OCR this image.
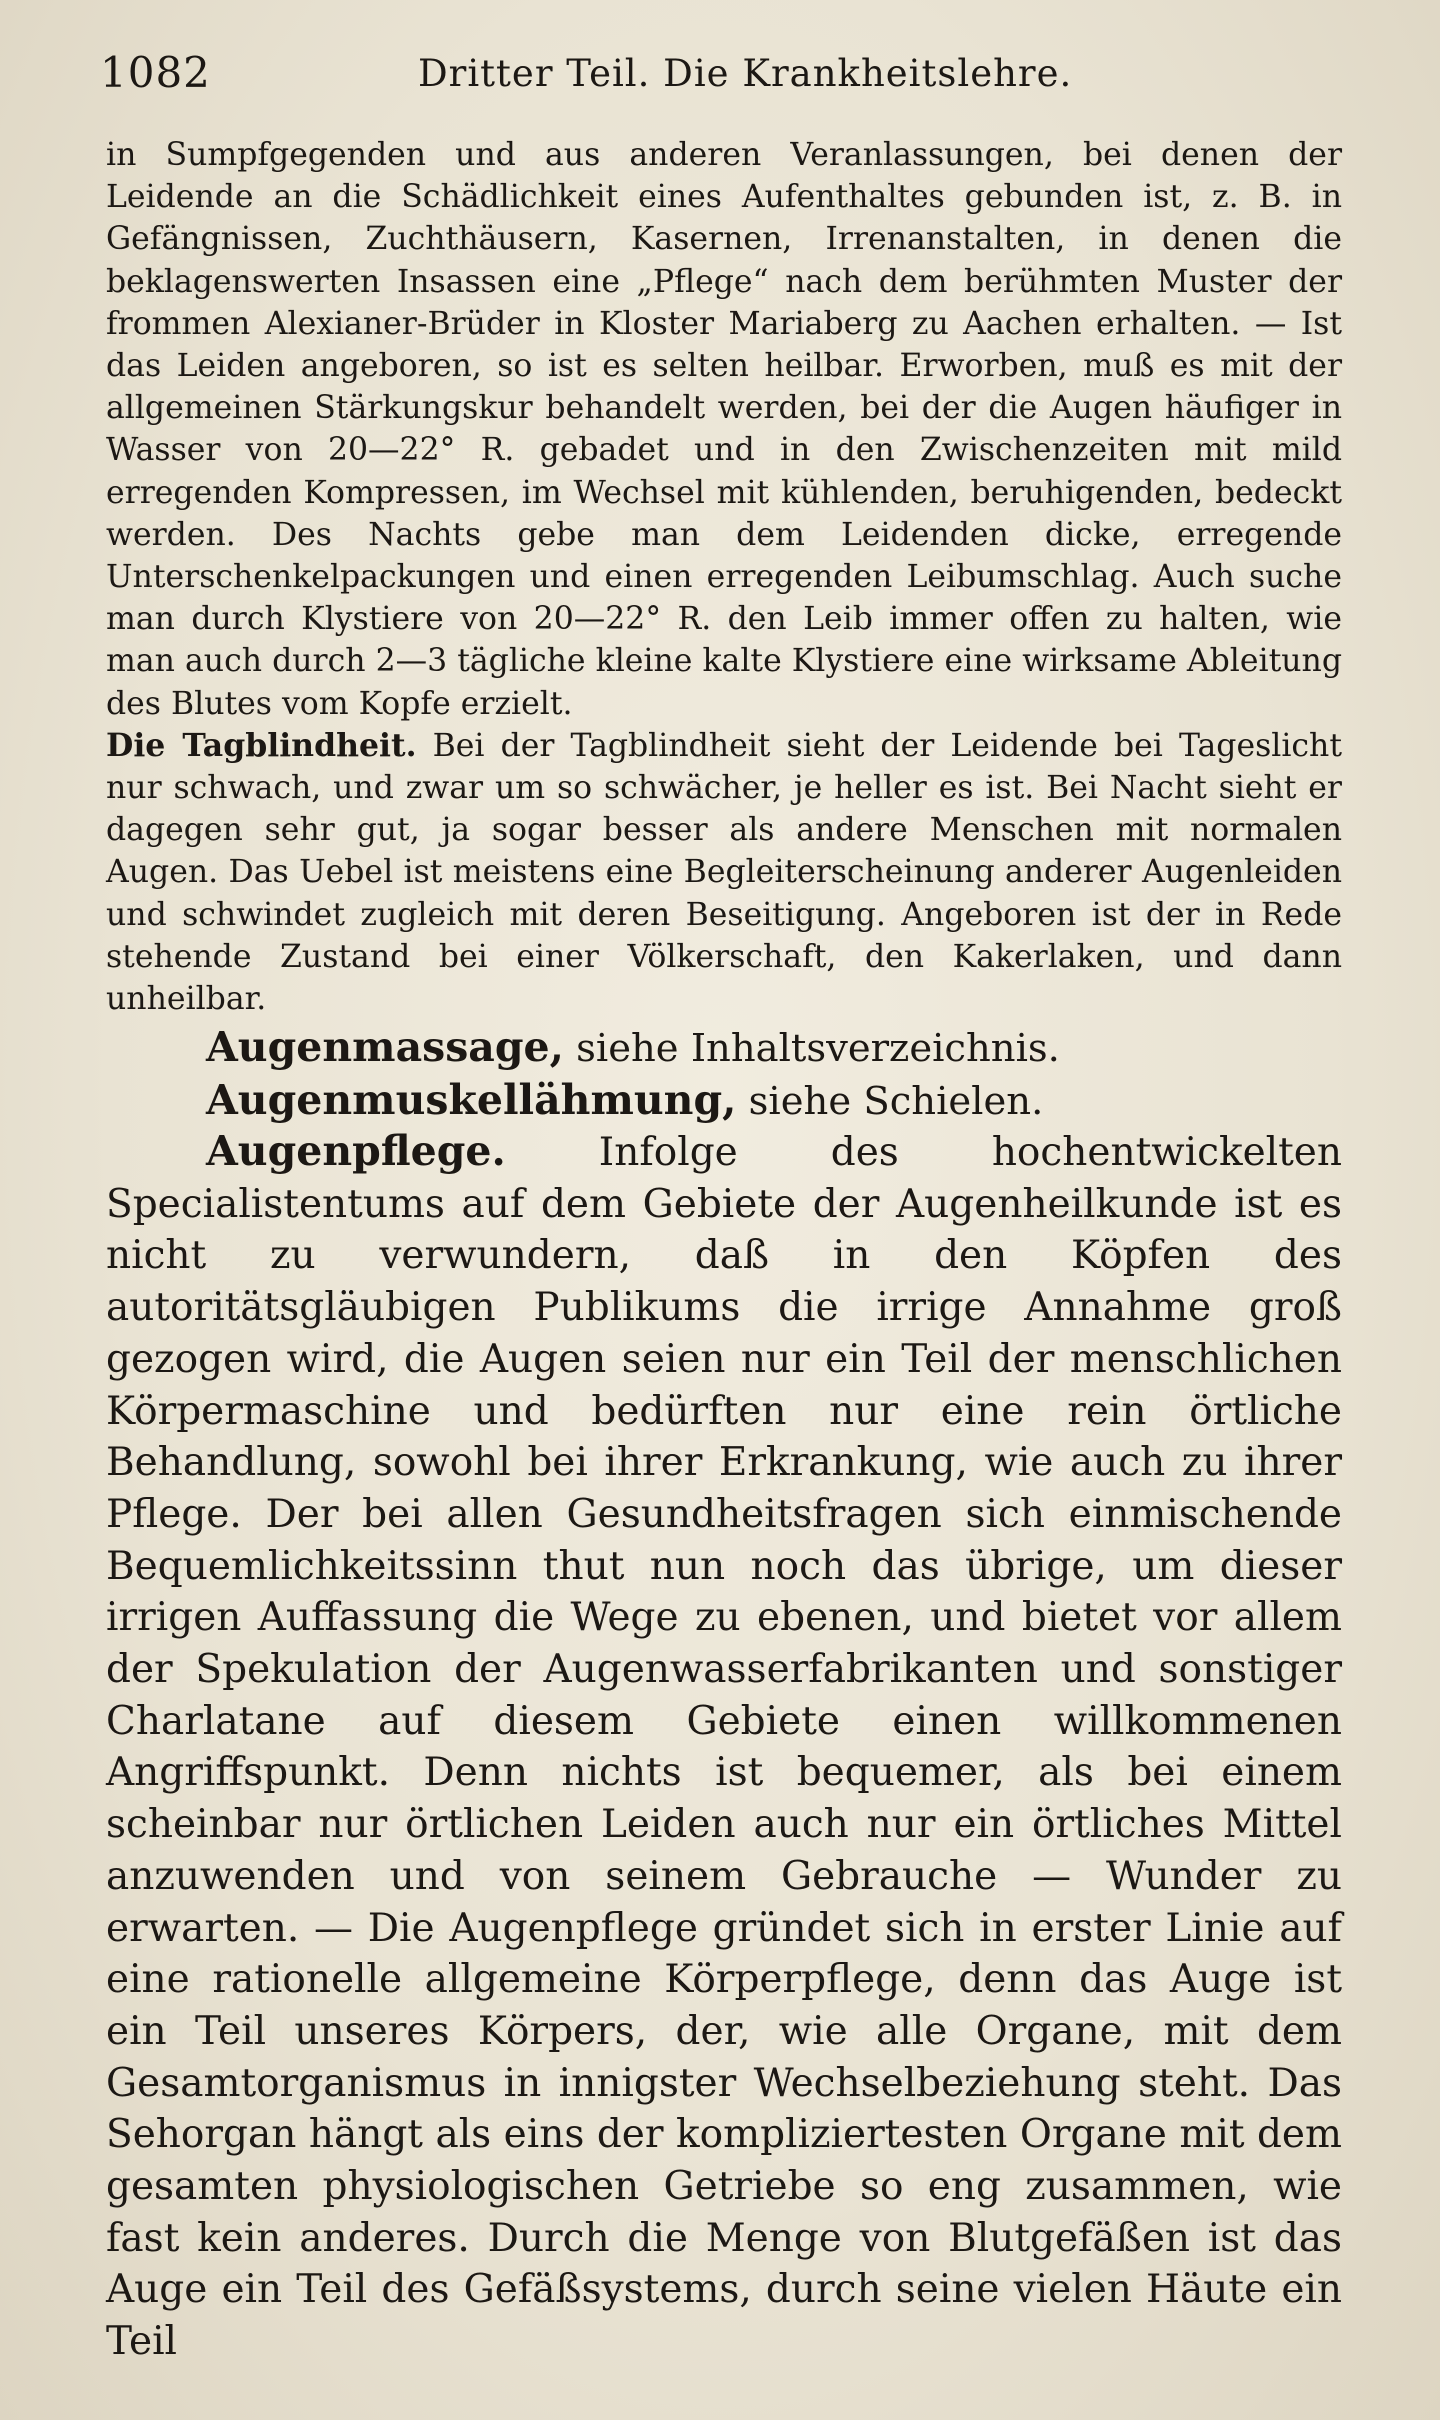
1082	Dritter Teil. Die Krankheitslehre.

in Sumpfgegenden und aus anderen Veranlassungen, bei denen der Leidende an die Schädlichkeit eines Aufenthaltes gebunden ist, z. B. in Gefängnissen, Zuchthäusern, Kasernen, Irrenanstalten, in denen die beklagenswerten Insassen eine „Pflege“ nach dem berühmten Muster der frommen Alexianer-Brüder in Kloster Mariaberg zu Aachen erhalten. — Ist das Leiden angeboren, so ist es selten heilbar. Erworben, muß es mit der allgemeinen Stärkungskur behandelt werden, bei der die Augen häufiger in Wasser von 20—22° R. gebadet und in den Zwischenzeiten mit mild erregenden Kompressen, im Wechsel mit kühlenden, beruhigenden, bedeckt werden. Des Nachts gebe man dem Leidenden dicke, erregende Unterschenkelpackungen und einen erregenden Leibumschlag. Auch suche man durch Klystiere von 20—22° R. den Leib immer offen zu halten, wie man auch durch 2—3 tägliche kleine kalte Klystiere eine wirksame Ableitung des Blutes vom Kopfe erzielt.

Die Tagblindheit. Bei der Tagblindheit sieht der Leidende bei Tageslicht nur schwach, und zwar um so schwächer, je heller es ist. Bei Nacht sieht er dagegen sehr gut, ja sogar besser als andere Menschen mit normalen Augen. Das Uebel ist meistens eine Begleiterscheinung anderer Augenleiden und schwindet zugleich mit deren Beseitigung. Angeboren ist der in Rede stehende Zustand bei einer Völkerschaft, den Kakerlaken, und dann unheilbar.

Augenmassage, siehe Inhaltsverzeichnis.

Augenmuskellähmung, siehe Schielen.

Augenpflege. Infolge des hochentwickelten Specialistentums auf dem Gebiete der Augenheilkunde ist es nicht zu verwundern, daß in den Köpfen des autoritätsgläubigen Publikums die irrige Annahme groß gezogen wird, die Augen seien nur ein Teil der menschlichen Körpermaschine und bedürften nur eine rein örtliche Behandlung, sowohl bei ihrer Erkrankung, wie auch zu ihrer Pflege. Der bei allen Gesundheitsfragen sich einmischende Bequemlichkeitssinn thut nun noch das übrige, um dieser irrigen Auffassung die Wege zu ebenen, und bietet vor allem der Spekulation der Augenwasserfabrikanten und sonstiger Charlatane auf diesem Gebiete einen willkommenen Angriffspunkt. Denn nichts ist bequemer, als bei einem scheinbar nur örtlichen Leiden auch nur ein örtliches Mittel anzuwenden und von seinem Gebrauche — Wunder zu erwarten. — Die Augenpflege gründet sich in erster Linie auf eine rationelle allgemeine Körperpflege, denn das Auge ist ein Teil unseres Körpers, der, wie alle Organe, mit dem Gesamtorganismus in innigster Wechselbeziehung steht. Das Sehorgan hängt als eins der kompliziertesten Organe mit dem gesamten physiologischen Getriebe so eng zusammen, wie fast kein anderes. Durch die Menge von Blutgefäßen ist das Auge ein Teil des Gefäßsystems, durch seine vielen Häute ein Teil
